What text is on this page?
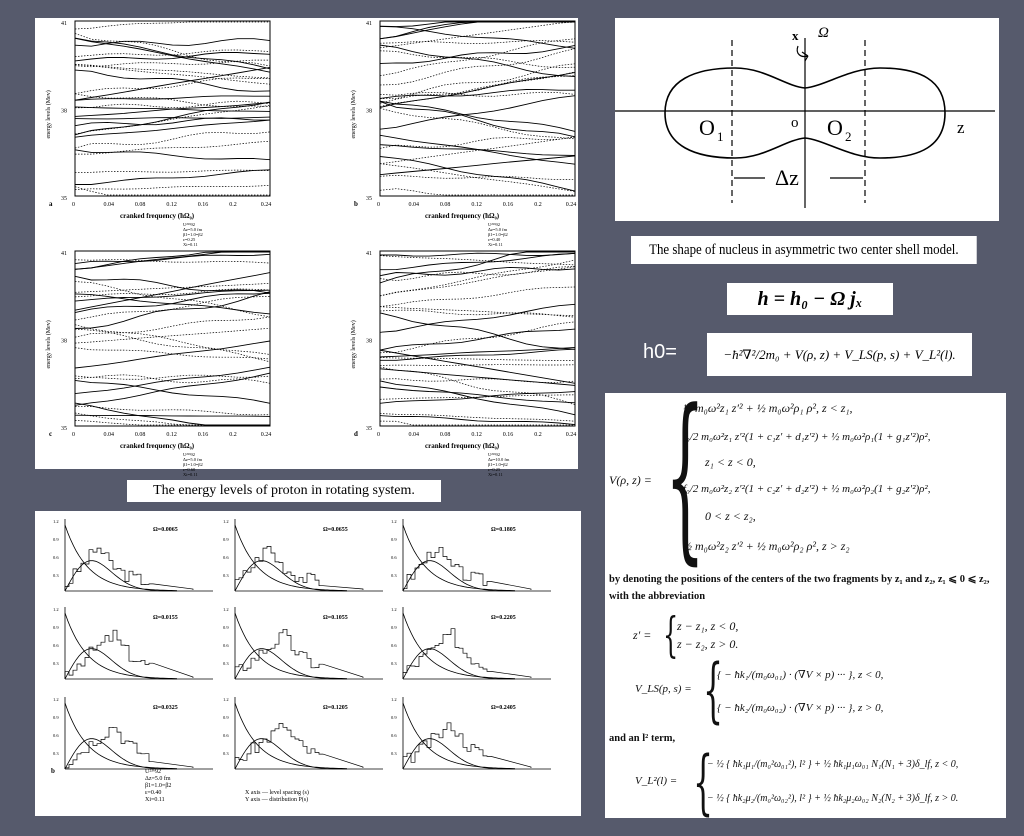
41
38
35
energy levels (Mev)
0	0.04	0.08	0.12	0.16	0.2	0.24
a
cranked frequency (ħΩ₀)
U²³⁶92
Δz=5.0 fm
β1=1.0=β2
ε=0.25
Xi=0.11
41
38
35
energy levels (Mev)
0	0.04	0.08	0.12	0.16	0.2	0.24
b
cranked frequency (ħΩ₀)
U²³⁶92
Δz=5.0 fm
β1=1.0=β2
ε=0.40
Xi=0.11
41
38
35
energy levels (Mev)
0	0.04	0.08	0.12	0.16	0.2	0.24
c
cranked frequency (ħΩ₀)
U²³⁶92
Δz=5.0 fm
β1=1.0=β2
ε=0.60
Xi=0.11
41
38
35
energy levels (Mev)
0	0.04	0.08	0.12	0.16	0.2	0.24
d
cranked frequency (ħΩ₀)
U²³⁶92
Δz=10.0 fm
β1=1.0=β2
ε=0.25
Xi=0.11
The energy levels of proton in rotating system.
x Ω
z
O 1
o O 2
Δz
The shape of nucleus in asymmetric two center shell model.
h = h₀ − Ω jₓ
h0=	−ħ²∇²/2m₀ + V(ρ, z) + V_LS(p, s) + V_L²(l).
V(ρ, z) = {
½ m₀ω²z₁ z′² + ½ m₀ω²ρ₁ ρ², z < z₁,
f₀/2 m₀ω²z₁ z′²(1 + c₁z′ + d₁z′²) + ½ m₀ω²ρ₁(1 + g₁z′²)ρ²,
z₁ < z < 0,
f₀/2 m₀ω²z₂ z′²(1 + c₂z′ + d₂z′²) + ½ m₀ω²ρ₂(1 + g₂z′²)ρ²,
0 < z < z₂,
½ m₀ω²z₂ z′² + ½ m₀ω²ρ₂ ρ², z > z₂
by denoting the positions of the centers of the two fragments by z₁ and z₂, z₁ ⩽ 0 ⩽ z₂,
with the abbreviation
z′ = {
z − z₁, z < 0,
z − z₂, z > 0.
V_LS(p, s) = {
{ − ħk₁/(m₀ω₀₁) · (∇V × p) ··· }, z < 0,
{ − ħk₂/(m₀ω₀₂) · (∇V × p) ··· }, z > 0,
and an l² term,
V_L²(l) = {
− ½ { ħk₁μ₁/(m₀²ω₀₁²), l² } + ½ ħk₁μ₁ω₀₁ N₁(N₁ + 3)δ_lf, z < 0,
− ½ { ħk₂μ₂/(m₀²ω₀₂²), l² } + ½ ħk₂μ₂ω₀₂ N₂(N₂ + 3)δ_lf, z > 0.
1.2
0.9
0.6
0.3
Ω=0.0065
1.2
0.9
0.6
0.3
Ω=0.0655
1.2
0.9
0.6
0.3
Ω=0.1805
1.2
0.9
0.6
0.3
Ω=0.0155
1.2
0.9
0.6
0.3
Ω=0.1055
1.2
0.9
0.6
0.3
Ω=0.2205
1.2
0.9
0.6
0.3
Ω=0.0325
1.2
0.9
0.6
0.3
Ω=0.1205
1.2
0.9
0.6
0.3
Ω=0.2405
b	U²³⁶92
Δz=5.0 fm
β1=1.0=β2
ε=0.40
Xi=0.11
X axis — level spacing (s)
Y axis — distribution P(s)
